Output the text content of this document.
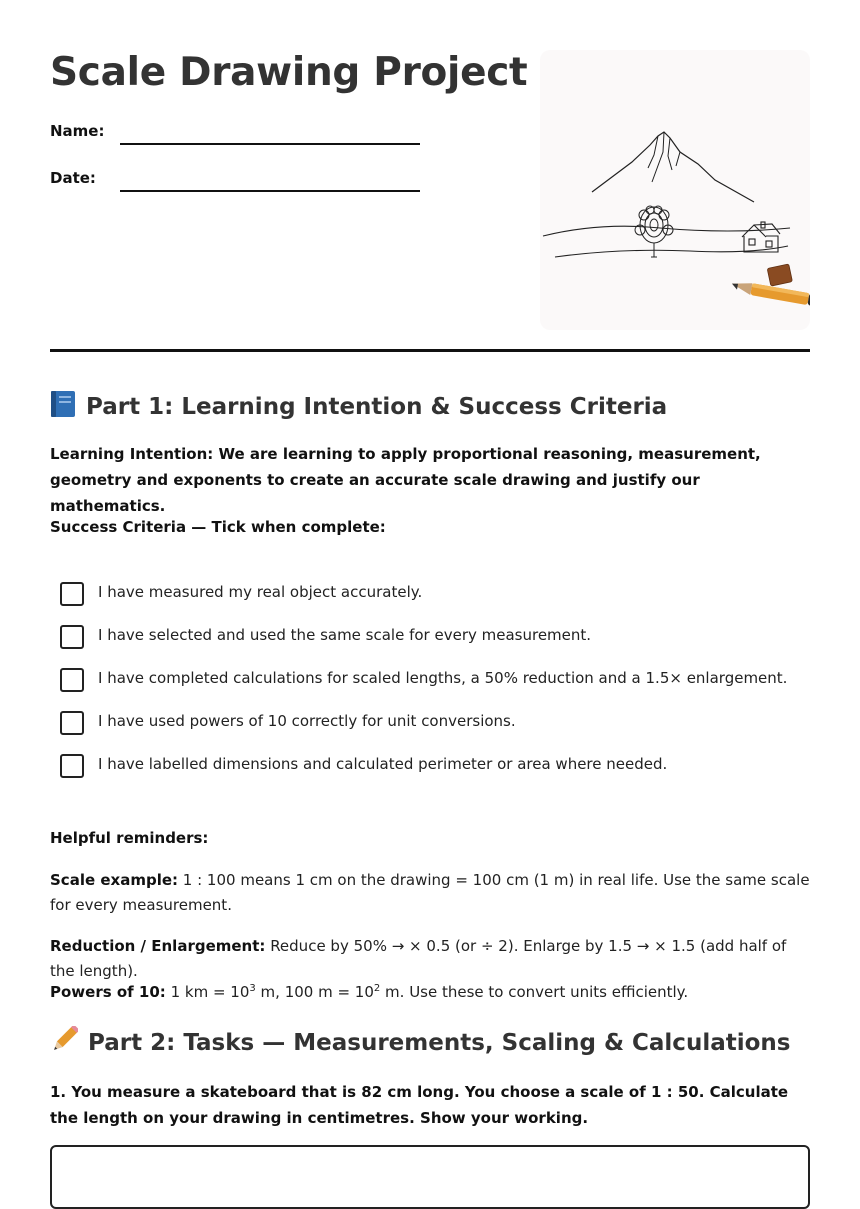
Scale Drawing Project
Name:
Date:
Part 1: Learning Intention & Success Criteria
Learning Intention: We are learning to apply proportional reasoning, measurement, geometry and exponents to create an accurate scale drawing and justify our mathematics.
Success Criteria — Tick when complete:
I have measured my real object accurately.
I have selected and used the same scale for every measurement.
I have completed calculations for scaled lengths, a 50% reduction and a 1.5× enlargement.
I have used powers of 10 correctly for unit conversions.
I have labelled dimensions and calculated perimeter or area where needed.
Helpful reminders:
Scale example: 1 : 100 means 1 cm on the drawing = 100 cm (1 m) in real life. Use the same scale for every measurement.
Reduction / Enlargement: Reduce by 50% → × 0.5 (or ÷ 2). Enlarge by 1.5 → × 1.5 (add half of the length).
Powers of 10: 1 km = $10^3$ m, 100 $m = 10^2$ m. Use these to convert units efficiently.
Part 2: Tasks — Measurements, Scaling & Calculations
1. You measure a skateboard that is 82 cm long. You choose a scale of 1 : 50. Calculate the length on your drawing in centimetres. Show your working.
